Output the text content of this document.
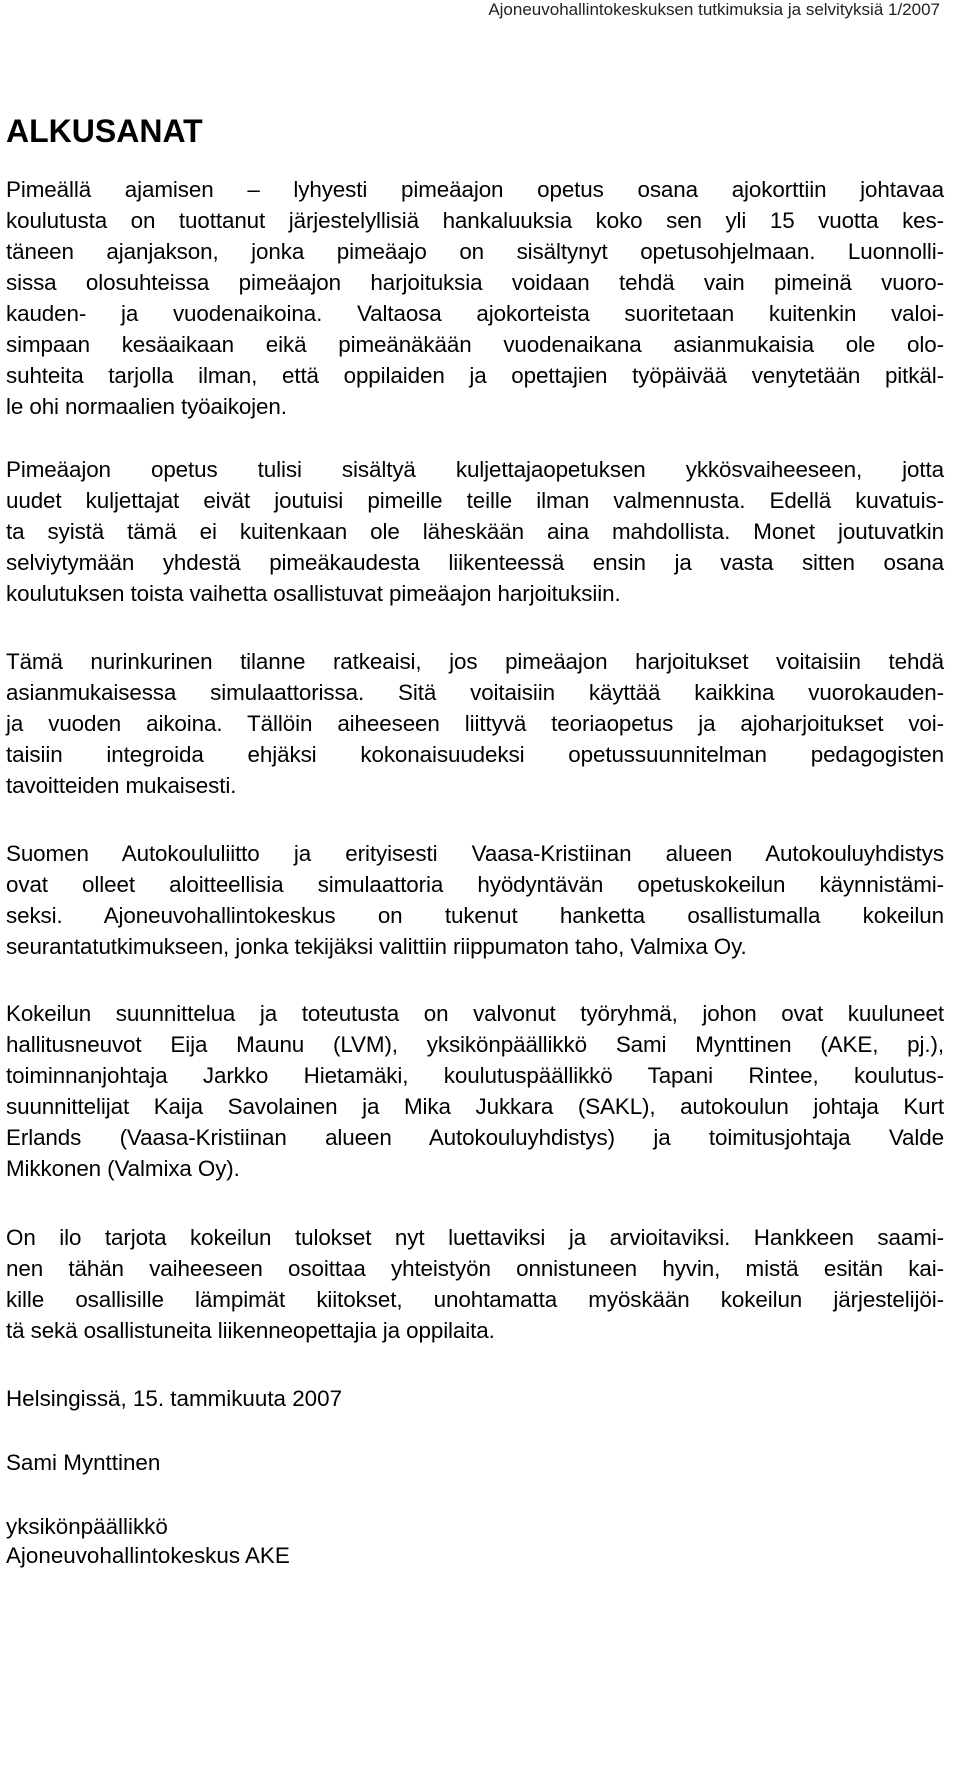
Ajoneuvohallintokeskuksen tutkimuksia ja selvityksiä 1/2007
ALKUSANAT

Pimeällä ajamisen – lyhyesti pimeäajon opetus osana ajokorttiin johtavaa
koulutusta on tuottanut järjestelyllisiä hankaluuksia koko sen yli 15 vuotta kes-
täneen ajanjakson, jonka pimeäajo on sisältynyt opetusohjelmaan. Luonnolli-
sissa olosuhteissa pimeäajon harjoituksia voidaan tehdä vain pimeinä vuoro-
kauden- ja vuodenaikoina. Valtaosa ajokorteista suoritetaan kuitenkin valoi-
simpaan kesäaikaan eikä pimeänäkään vuodenaikana asianmukaisia ole olo-
suhteita tarjolla ilman, että oppilaiden ja opettajien työpäivää venytetään pitkäl-
le ohi normaalien työaikojen.

Pimeäajon opetus tulisi sisältyä kuljettajaopetuksen ykkösvaiheeseen, jotta
uudet kuljettajat eivät joutuisi pimeille teille ilman valmennusta. Edellä kuvatuis-
ta syistä tämä ei kuitenkaan ole läheskään aina mahdollista. Monet joutuvatkin
selviytymään yhdestä pimeäkaudesta liikenteessä ensin ja vasta sitten osana
koulutuksen toista vaihetta osallistuvat pimeäajon harjoituksiin.

Tämä nurinkurinen tilanne ratkeaisi, jos pimeäajon harjoitukset voitaisiin tehdä
asianmukaisessa simulaattorissa. Sitä voitaisiin käyttää kaikkina vuorokauden-
ja vuoden aikoina. Tällöin aiheeseen liittyvä teoriaopetus ja ajoharjoitukset voi-
taisiin integroida ehjäksi kokonaisuudeksi opetussuunnitelman pedagogisten
tavoitteiden mukaisesti.

Suomen Autokoululiitto ja erityisesti Vaasa-Kristiinan alueen Autokouluyhdistys
ovat olleet aloitteellisia simulaattoria hyödyntävän opetuskokeilun käynnistämi-
seksi. Ajoneuvohallintokeskus on tukenut hanketta osallistumalla kokeilun
seurantatutkimukseen, jonka tekijäksi valittiin riippumaton taho, Valmixa Oy.

Kokeilun suunnittelua ja toteutusta on valvonut työryhmä, johon ovat kuuluneet
hallitusneuvot Eija Maunu (LVM), yksikönpäällikkö Sami Mynttinen (AKE, pj.),
toiminnanjohtaja Jarkko Hietamäki, koulutuspäällikkö Tapani Rintee, koulutus-
suunnittelijat Kaija Savolainen ja Mika Jukkara (SAKL), autokoulun johtaja Kurt
Erlands (Vaasa-Kristiinan alueen Autokouluyhdistys) ja toimitusjohtaja Valde
Mikkonen (Valmixa Oy).

On ilo tarjota kokeilun tulokset nyt luettaviksi ja arvioitaviksi. Hankkeen saami-
nen tähän vaiheeseen osoittaa yhteistyön onnistuneen hyvin, mistä esitän kai-
kille osallisille lämpimät kiitokset, unohtamatta myöskään kokeilun järjestelijöi-
tä sekä osallistuneita liikenneopettajia ja oppilaita.

Helsingissä, 15. tammikuuta 2007
Sami Mynttinen
yksikönpäällikkö
Ajoneuvohallintokeskus AKE
